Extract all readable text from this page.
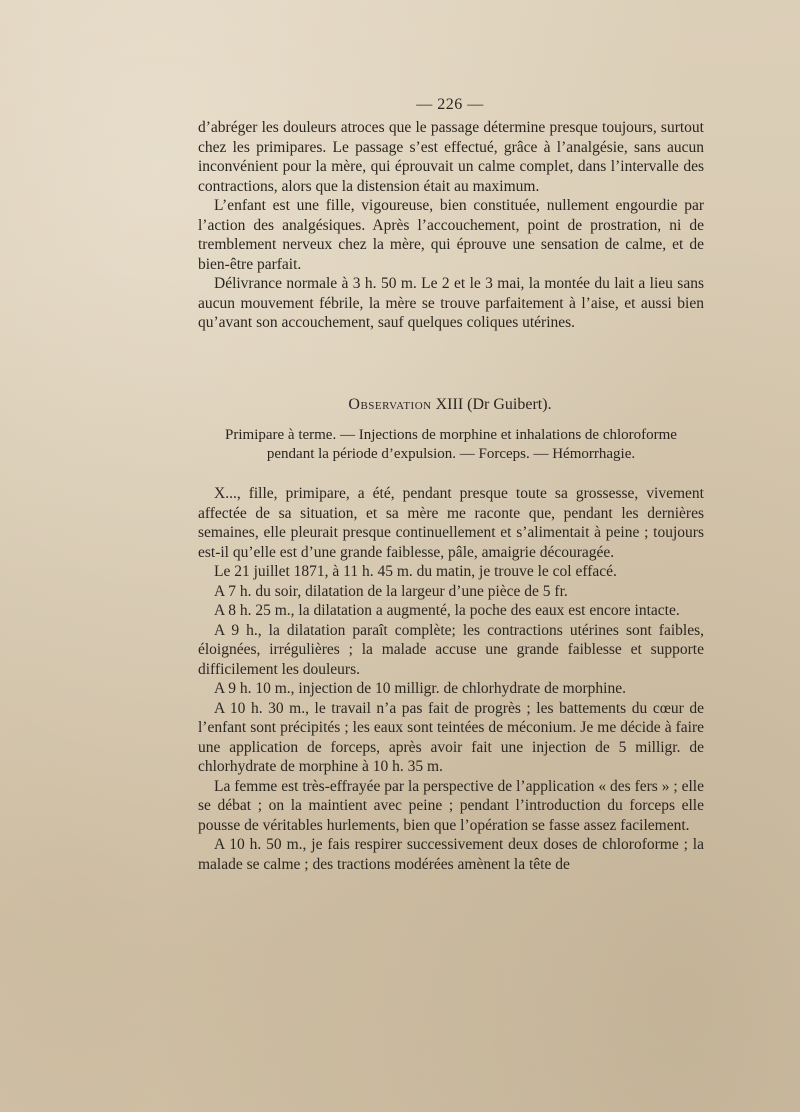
— 226 —

d’abréger les douleurs atroces que le passage détermine presque toujours, surtout chez les primipares. Le passage s’est effectué, grâce à l’analgésie, sans aucun inconvénient pour la mère, qui éprouvait un calme complet, dans l’intervalle des contractions, alors que la distension était au maximum.

L’enfant est une fille, vigoureuse, bien constituée, nullement engourdie par l’action des analgésiques. Après l’accouchement, point de prostration, ni de tremblement nerveux chez la mère, qui éprouve une sensation de calme, et de bien-être parfait.

Délivrance normale à 3 h. 50 m. Le 2 et le 3 mai, la montée du lait a lieu sans aucun mouvement fébrile, la mère se trouve parfaitement à l’aise, et aussi bien qu’avant son accouchement, sauf quelques coliques utérines.

Observation XIII (Dr Guibert).
Primipare à terme. — Injections de morphine et inhalations de chloroforme
pendant la période d’expulsion. — Forceps. — Hémorrhagie.

X..., fille, primipare, a été, pendant presque toute sa grossesse, vivement affectée de sa situation, et sa mère me raconte que, pendant les dernières semaines, elle pleurait presque continuellement et s’alimentait à peine ; toujours est-il qu’elle est d’une grande faiblesse, pâle, amaigrie découragée.

Le 21 juillet 1871, à 11 h. 45 m. du matin, je trouve le col effacé.

A 7 h. du soir, dilatation de la largeur d’une pièce de 5 fr.

A 8 h. 25 m., la dilatation a augmenté, la poche des eaux est encore intacte.

A 9 h., la dilatation paraît complète; les contractions utérines sont faibles, éloignées, irrégulières ; la malade accuse une grande faiblesse et supporte difficilement les douleurs.

A 9 h. 10 m., injection de 10 milligr. de chlorhydrate de morphine.

A 10 h. 30 m., le travail n’a pas fait de progrès ; les battements du cœur de l’enfant sont précipités ; les eaux sont teintées de méconium. Je me décide à faire une application de forceps, après avoir fait une injection de 5 milligr. de chlorhydrate de morphine à 10 h. 35 m.

La femme est très-effrayée par la perspective de l’application « des fers » ; elle se débat ; on la maintient avec peine ; pendant l’introduction du forceps elle pousse de véritables hurlements, bien que l’opération se fasse assez facilement.

A 10 h. 50 m., je fais respirer successivement deux doses de chloroforme ; la malade se calme ; des tractions modérées amènent la tête de
